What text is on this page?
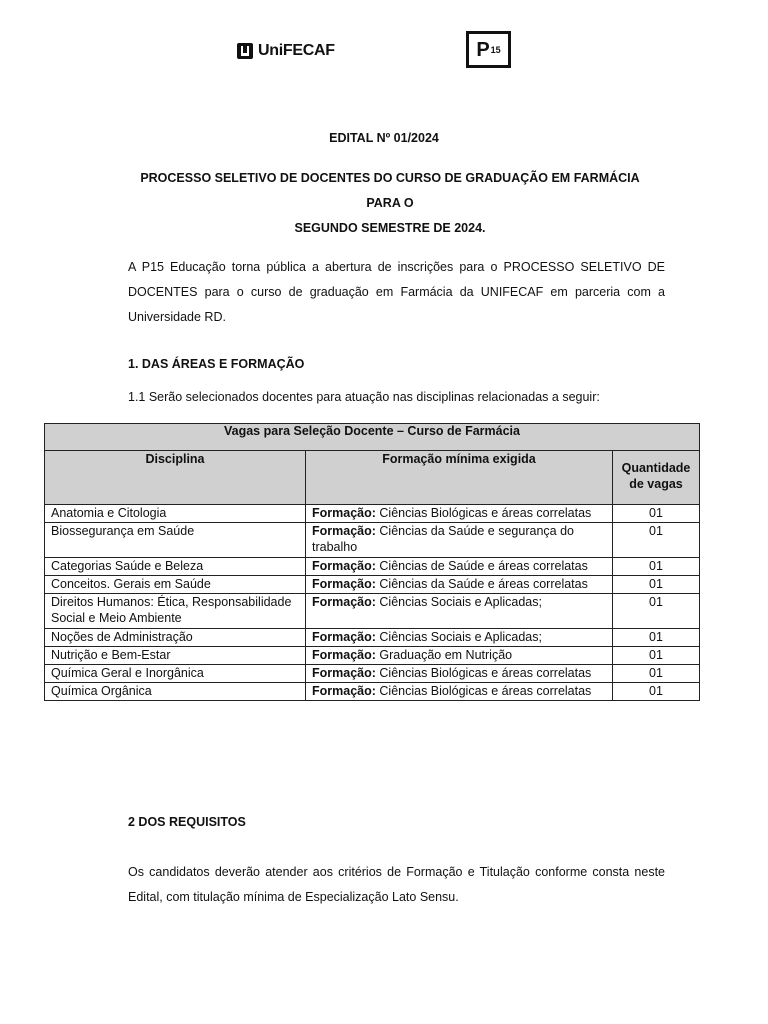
UniFECAF	P 15
EDITAL Nº 01/2024
PROCESSO SELETIVO DE DOCENTES DO CURSO DE GRADUAÇÃO EM FARMÁCIA PARA O
SEGUNDO SEMESTRE DE 2024.
A P15 Educação torna pública a abertura de inscrições para o PROCESSO SELETIVO DE DOCENTES para o curso de graduação em Farmácia da UNIFECAF em parceria com a Universidade RD.
1. DAS ÁREAS E FORMAÇÃO
1.1 Serão selecionados docentes para atuação nas disciplinas relacionadas a seguir:
Vagas para Seleção Docente – Curso de Farmácia		
Disciplina	Formação mínima exigida	Quantidade de vagas
Anatomia e Citologia	Formação: Ciências Biológicas e áreas correlatas	01
Biossegurança em Saúde	Formação: Ciências da Saúde e segurança do trabalho	01
Categorias Saúde e Beleza	Formação: Ciências de Saúde e áreas correlatas	01
Conceitos. Gerais em Saúde	Formação: Ciências da Saúde e áreas correlatas	01
Direitos Humanos: Ética, Responsabilidade Social e Meio Ambiente	Formação: Ciências Sociais e Aplicadas;	01
Noções de Administração	Formação: Ciências Sociais e Aplicadas;	01
Nutrição e Bem-Estar	Formação: Graduação em Nutrição	01
Química Geral e Inorgânica	Formação: Ciências Biológicas e áreas correlatas	01
Química Orgânica	Formação: Ciências Biológicas e áreas correlatas	01
2 DOS REQUISITOS
Os candidatos deverão atender aos critérios de Formação e Titulação conforme consta neste Edital, com titulação mínima de Especialização Lato Sensu.
